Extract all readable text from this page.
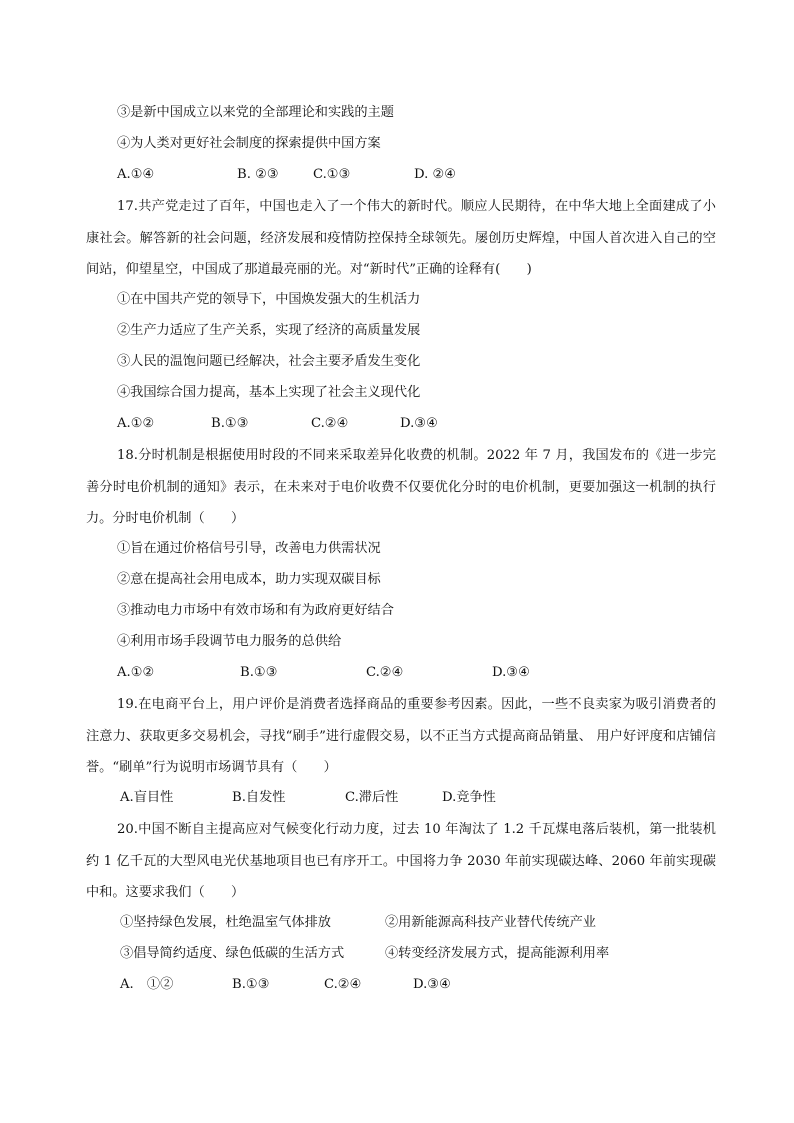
③是新中国成立以来党的全部理论和实践的主题
④为人类对更好社会制度的探索提供中国方案
A.①④	B. ②③	C.①③	D. ②④
17.共产党走过了百年，中国也走入了一个伟大的新时代。顺应人民期待，在中华大地上全面建成了小康社会。解答新的社会问题，经济发展和疫情防控保持全球领先。屡创历史辉煌，中国人首次进入自己的空间站，仰望星空，中国成了那道最亮丽的光。对“新时代”正确的诠释有(　　)
①在中国共产党的领导下，中国焕发强大的生机活力
②生产力适应了生产关系，实现了经济的高质量发展
③人民的温饱问题已经解决，社会主要矛盾发生变化
④我国综合国力提高，基本上实现了社会主义现代化
A.①②	B.①③	C.②④	D.③④
18.分时机制是根据使用时段的不同来采取差异化收费的机制。2022 年 7 月，我国发布的《进一步完善分时电价机制的通知》表示，在未来对于电价收费不仅要优化分时的电价机制，更要加强这一机制的执行力。分时电价机制（　　）
①旨在通过价格信号引导，改善电力供需状况
②意在提高社会用电成本，助力实现双碳目标
③推动电力市场中有效市场和有为政府更好结合
④利用市场手段调节电力服务的总供给
A.①②	B.①③	C.②④	D.③④
19.在电商平台上，用户评价是消费者选择商品的重要参考因素。因此，一些不良卖家为吸引消费者的注意力、获取更多交易机会，寻找“刷手”进行虚假交易，以不正当方式提高商品销量、 用户好评度和店铺信誉。“刷单”行为说明市场调节具有（　　）
A.盲目性	B.自发性	C.滞后性	D.竞争性
20.中国不断自主提高应对气候变化行动力度，过去 10 年淘汰了 1.2 千瓦煤电落后装机，第一批装机约 1 亿千瓦的大型风电光伏基地项目也已有序开工。中国将力争 2030 年前实现碳达峰、2060 年前实现碳中和。这要求我们（　　）
①坚持绿色发展，杜绝温室气体排放	②用新能源高科技产业替代传统产业
③倡导简约适度、绿色低碳的生活方式	④转变经济发展方式，提高能源利用率
A.　①②	B.①③	C.②④	D.③④
